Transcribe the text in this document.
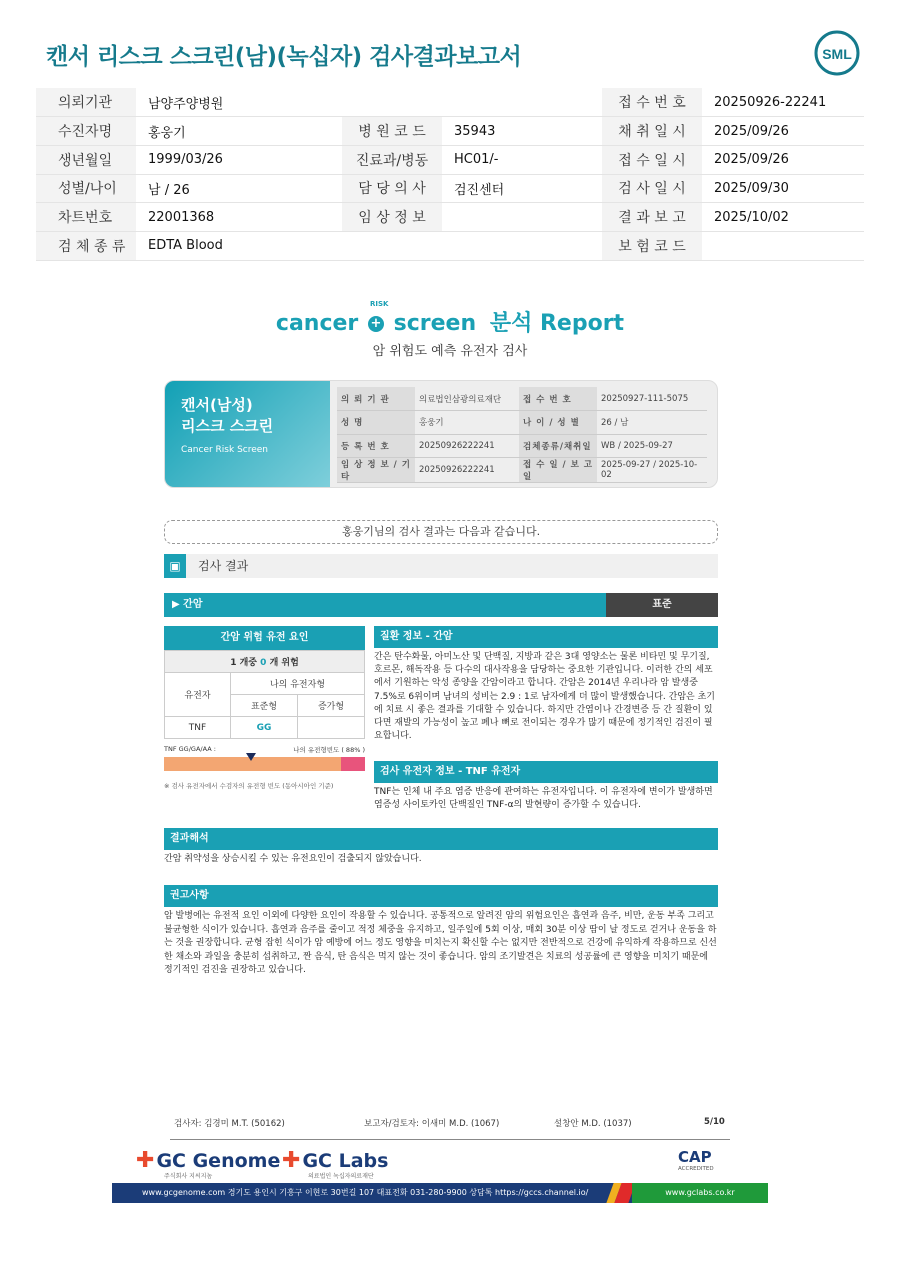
캔서 리스크 스크린(남)(녹십자) 검사결과보고서	SML
의뢰기관	남양주양병원			접 수 번 호	20250926-22241
수진자명	홍웅기	병 원 코 드	35943	채 취 일 시	2025/09/26
생년월일	1999/03/26	진료과/병동	HC01/-	접 수 일 시	2025/09/26
성별/나이	남 / 26	담 당 의 사	검진센터	검 사 일 시	2025/09/30
차트번호	22001368	임 상 정 보		결 과 보 고	2025/10/02
검 체 종 류	EDTA Blood			보 험 코 드	
cancer +
RISK
screen 분석 Report
암 위험도 예측 유전자 검사
캔서(남성)
리스크 스크린
Cancer Risk Screen
의 뢰 기 관	의료법인삼광의료재단	접 수 번 호	20250927-111-5075
성 명	홍웅기	나 이 / 성 별	26 / 남
등 록 번 호	20250926222241	검체종류/채취일	WB / 2025-09-27
임 상 정 보 / 기 타	20250926222241	접 수 일 / 보 고 일	2025-09-27 / 2025-10-02
홍웅기님의 검사 결과는 다음과 같습니다.
▣	검사 결과
▶ 간암	표준
간암 위험 유전 요인
1 개중 0 개 위험		
유전자	나의 유전자형	
	표준형	증가형
TNF	GG	
TNF GG/GA/AA :	나의 유전형빈도 ( 88% )
※ 검사 유전자에서 수검자의 유전형 빈도 (동아시아인 기준)
질환 정보 - 간암
간은 탄수화물, 아미노산 및 단백질, 지방과 같은 3대 영양소는 물론 비타민 및 무기질, 호르몬, 해독작용 등 다수의 대사작용을 담당하는 중요한 기관입니다. 이러한 간의 세포에서 기원하는 악성 종양을 간암이라고 합니다. 간암은 2014년 우리나라 암 발생중 7.5%로 6위이며 남녀의 성비는 2.9 : 1로 남자에게 더 많이 발생했습니다. 간암은 초기에 치료 시 좋은 결과를 기대할 수 있습니다. 하지만 간염이나 간경변증 등 간 질환이 있다면 재발의 가능성이 높고 폐나 뼈로 전이되는 경우가 많기 때문에 정기적인 검진이 필요합니다.
검사 유전자 정보 - TNF 유전자
TNF는 인체 내 주요 염증 반응에 관여하는 유전자입니다. 이 유전자에 변이가 발생하면 염증성 사이토카인 단백질인 TNF-α의 발현량이 증가할 수 있습니다.
결과해석
간암 취약성을 상승시킬 수 있는 유전요인이 검출되지 않았습니다.
권고사항
암 발병에는 유전적 요인 이외에 다양한 요인이 작용할 수 있습니다. 공통적으로 알려진 암의 위험요인은 흡연과 음주, 비만, 운동 부족 그리고 불균형한 식이가 있습니다. 흡연과 음주를 줄이고 적정 체중을 유지하고, 일주일에 5회 이상, 매회 30분 이상 땀이 날 정도로 걷거나 운동을 하는 것을 권장합니다. 균형 잡힌 식이가 암 예방에 어느 정도 영향을 미치는지 확신할 수는 없지만 전반적으로 건강에 유익하게 작용하므로 신선한 채소와 과일을 충분히 섭취하고, 짠 음식, 탄 음식은 먹지 않는 것이 좋습니다. 암의 조기발견은 치료의 성공률에 큰 영향을 미치기 때문에 정기적인 검진을 권장하고 있습니다.
검사자: 김경미 M.T. (50162)	보고자/검토자: 이새미 M.D. (1067)	설창안 M.D. (1037)	5/10
✚ GC Genome
주식회사 지씨지놈
✚ GC Labs
의료법인 녹십자의료재단
CAP
ACCREDITED
www.gcgenome.com 경기도 용인시 기흥구 이현로 30번길 107 대표전화 031-280-9900 상담톡 https://gccs.channel.io/	www.gclabs.co.kr
